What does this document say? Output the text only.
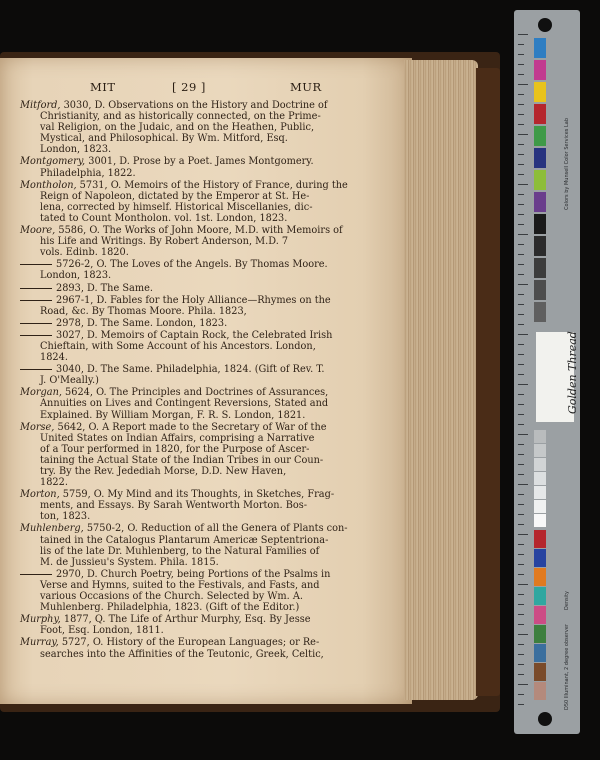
MIT	[ 29 ]	MUR
Mitford, 3030, D. Observations on the History and Doctrine of
Christianity, and as historically connected, on the Prime-
val Religion, on the Judaic, and on the Heathen, Public,
Mystical, and Philosophical. By Wm. Mitford, Esq.
London, 1823.
Montgomery, 3001, D. Prose by a Poet. James Montgomery.
Philadelphia, 1822.
Montholon, 5731, O. Memoirs of the History of France, during the
Reign of Napoleon, dictated by the Emperor at St. He-
lena, corrected by himself. Historical Miscellanies, dic-
tated to Count Montholon. vol. 1st. London, 1823.
Moore, 5586, O. The Works of John Moore, M.D. with Memoirs of
his Life and Writings. By Robert Anderson, M.D. 7
vols. Edinb. 1820.
5726-2, O. The Loves of the Angels. By Thomas Moore.
London, 1823.
2893, D. The Same.
2967-1, D. Fables for the Holy Alliance—Rhymes on the
Road, &c. By Thomas Moore. Phila. 1823,
2978, D. The Same. London, 1823.
3027, D. Memoirs of Captain Rock, the Celebrated Irish
Chieftain, with Some Account of his Ancestors. London,
1824.
3040, D. The Same. Philadelphia, 1824. (Gift of Rev. T.
J. O'Meally.)
Morgan, 5624, O. The Principles and Doctrines of Assurances,
Annuities on Lives and Contingent Reversions, Stated and
Explained. By William Morgan, F. R. S. London, 1821.
Morse, 5642, O. A Report made to the Secretary of War of the
United States on Indian Affairs, comprising a Narrative
of a Tour performed in 1820, for the Purpose of Ascer-
taining the Actual State of the Indian Tribes in our Coun-
try. By the Rev. Jedediah Morse, D.D. New Haven,
1822.
Morton, 5759, O. My Mind and its Thoughts, in Sketches, Frag-
ments, and Essays. By Sarah Wentworth Morton. Bos-
ton, 1823.
Muhlenberg, 5750-2, O. Reduction of all the Genera of Plants con-
tained in the Catalogus Plantarum Americæ Septentriona-
lis of the late Dr. Muhlenberg, to the Natural Families of
M. de Jussieu's System. Phila. 1815.
2970, D. Church Poetry, being Portions of the Psalms in
Verse and Hymns, suited to the Festivals, and Fasts, and
various Occasions of the Church. Selected by Wm. A.
Muhlenberg. Philadelphia, 1823. (Gift of the Editor.)
Murphy, 1877, Q. The Life of Arthur Murphy, Esq. By Jesse
Foot, Esq. London, 1811.
Murray, 5727, O. History of the European Languages; or Re-
searches into the Affinities of the Teutonic, Greek, Celtic,
Golden Thread
Colors by Munsell Color Services Lab
Density
D50 Illuminant, 2 degree observer
